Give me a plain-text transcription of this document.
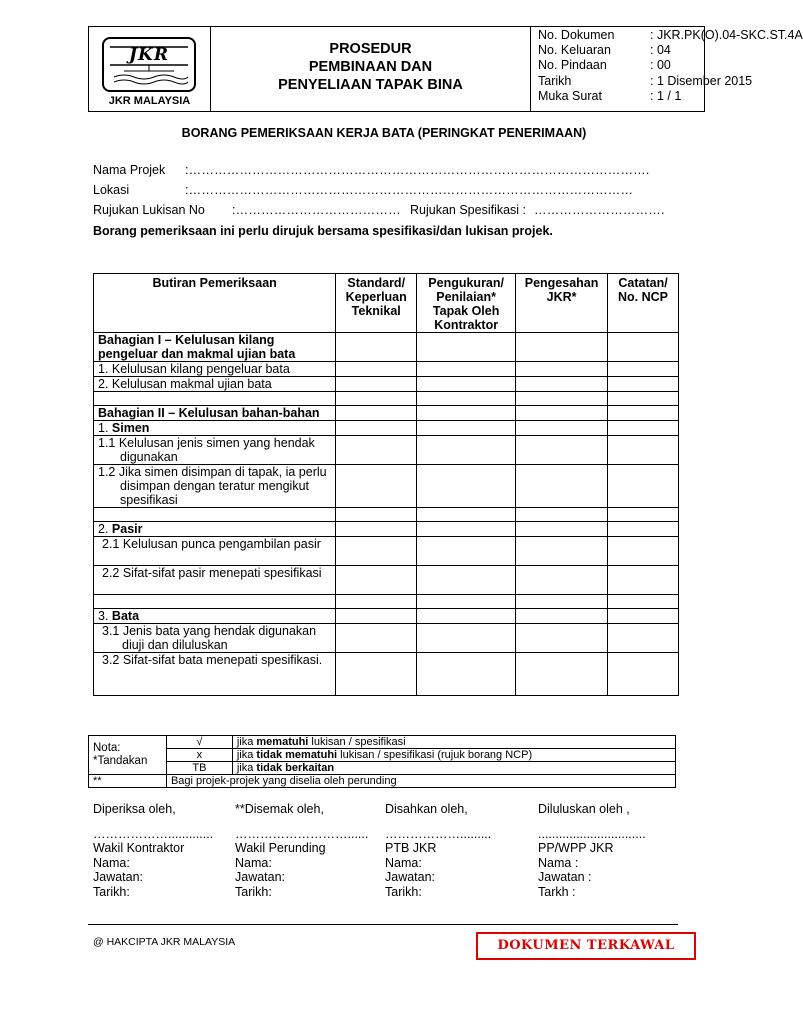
JKR
JKR MALAYSIA
PROSEDUR
PEMBINAAN DAN
PENYELIAAN TAPAK BINA
No. Dokumen	: JKR.PK(O).04-SKC.ST.4A
No. Keluaran	: 04
No. Pindaan	: 00
Tarikh	: 1 Disember 2015
Muka Surat	: 1 / 1
BORANG PEMERIKSAAN KERJA BATA (PERINGKAT PENERIMAAN)
Nama Projek :……………………………………………………………………………………………….
Lokasi	:……………………………………………………………………………………………
Rujukan Lukisan No :………………………………… Rujukan Spesifikasi : ………………………….
Borang pemeriksaan ini perlu dirujuk bersama spesifikasi/dan lukisan projek.
Butiran Pemeriksaan	Standard/ Keperluan Teknikal	Pengukuran/ Penilaian* Tapak Oleh Kontraktor	Pengesahan JKR*	Catatan/ No. NCP
Bahagian I – Kelulusan kilang pengeluar dan makmal ujian bata				
1. Kelulusan kilang pengeluar bata				
2. Kelulusan makmal ujian bata				

Bahagian II – Kelulusan bahan-bahan				
1. Simen				
1.1 Kelulusan jenis simen yang hendak digunakan				
1.2 Jika simen disimpan di tapak, ia perlu disimpan dengan teratur mengikut spesifikasi				

2. Pasir				
2.1 Kelulusan punca pengambilan pasir				
2.2 Sifat-sifat pasir menepati spesifikasi				

3. Bata				
3.1 Jenis bata yang hendak digunakan diuji dan diluluskan				
3.2 Sifat-sifat bata menepati spesifikasi.				
Nota:
*Tandakan	√	jika mematuhi lukisan / spesifikasi
	x	jika tidak mematuhi lukisan / spesifikasi (rujuk borang NCP)
	TB	jika tidak berkaitan
**	Bagi projek-projek yang diselia oleh perunding	
Diperiksa oleh,
……………….............
Wakil Kontraktor
Nama:
Jawatan:
Tarikh:
**Disemak oleh,
………………………......
Wakil Perunding
Nama:
Jawatan:
Tarikh:
Disahkan oleh,
……………….........
PTB JKR
Nama:
Jawatan:
Tarikh:
Diluluskan oleh ,
...............................
PP/WPP JKR
Nama :
Jawatan :
Tarkh :
@ HAKCIPTA JKR MALAYSIA	DOKUMEN TERKAWAL
